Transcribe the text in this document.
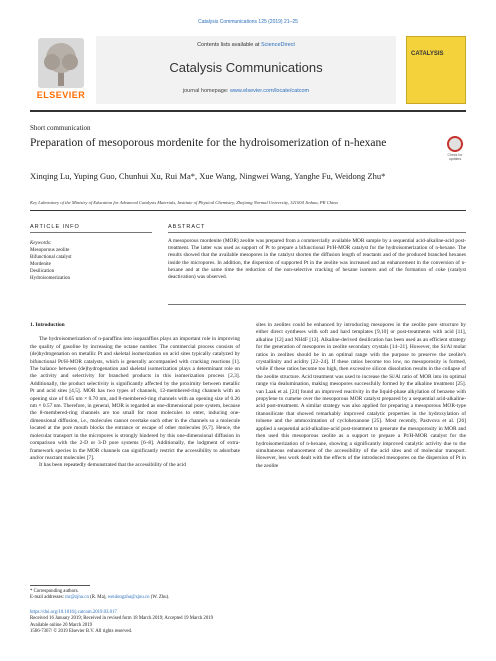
Catalysis Communications 125 (2019) 21–25
ELSEVIER
Contents lists available at ScienceDirect
Catalysis Communications
journal homepage: www.elsevier.com/locate/catcom
CATALYSIS
Short communication
Preparation of mesoporous mordenite for the hydroisomerization of n-hexane
Check for updates
Xinqing Lu, Yuping Guo, Chunhui Xu, Rui Ma*, Xue Wang, Ningwei Wang, Yanghe Fu, Weidong Zhu*
Key Laboratory of the Ministry of Education for Advanced Catalysis Materials, Institute of Physical Chemistry, Zhejiang Normal University, 321004 Jinhua, PR China
ARTICLE INFO
Keywords:
Mesoporous zeolite
Bifunctional catalyst
Mordenite
Desilication
Hydroisomerization
ABSTRACT
A mesoporous mordenite (MOR) zeolite was prepared from a commercially available MOR sample by a sequential acid-alkaline-acid post-treatment. The latter was used as support of Pt to prepare a bifunctional Pt/H-MOR catalyst for the hydroisomerization of n-hexane. The results showed that the available mesopores in the catalyst shorten the diffusion length of reactants and of the produced branched hexanes inside the micropores. In addition, the dispersion of supported Pt in the zeolite was increased and an enhancement in the conversion of n-hexane and at the same time the reduction of the non-selective cracking of hexane isomers and of the formation of coke (catalyst deactivation) was observed.
1. Introduction

The hydroisomerization of n-paraffins into isoparaffins plays an important role in improving the quality of gasoline by increasing the octane number. The commercial process consists of (de)hydrogenation on metallic Pt and skeletal isomerization on acid sites typically catalyzed by bifunctional Pt/H-MOR catalysts, which is generally accompanied with cracking reactions [1]. The balance between (de)hydrogenation and skeletal isomerization plays a determinant role on the activity and selectivity for branched products in this isomerization process [2,3]. Additionally, the product selectivity is significantly affected by the proximity between metallic Pt and acid sites [4,5]. MOR has two types of channels, 12-membered-ring channels with an opening size of 0.65 nm × 0.70 nm, and 8-membered-ring channels with an opening size of 0.26 nm × 0.57 nm. Therefore, in general, MOR is regarded as one-dimensional pore system, because the 8-membered-ring channels are too small for most molecules to enter, inducing one-dimensional diffusion, i.e., molecules cannot overtake each other in the channels so a molecule located at the pore mouth blocks the entrance or escape of other molecules [6,7]. Hence, the molecular transport in the micropores is strongly hindered by this one-dimensional diffusion in comparison with the 2-D or 3-D pore systems [6–8]. Additionally, the lodgment of extra-framework species in the MOR channels can significantly restrict the accessibility to adsorbate and/or reactant molecules [7].

It has been repeatedly demonstrated that the accessibility of the acid

sites in zeolites could be enhanced by introducing mesopores in the zeolite pore structure by either direct syntheses with soft and hard templates [9,10] or post-treatments with acid [11], alkaline [12] and NH4F [13]. Alkaline-derived desilication has been used as an efficient strategy for the generation of mesopores in zeolite secondary crystals [14–21]. However, the Si/Al molar ratios in zeolites should be in an optimal range with the purpose to preserve the zeolite's crystallinity and acidity [22–24]. If these ratios become too low, no mesoporosity is formed, while if these ratios become too high, then excessive silicon dissolution results in the collapse of the zeolite structure. Acid treatment was used to increase the Si/Al ratio of MOR into its optimal range via dealumination, making mesopores successfully formed by the alkaline treatment [25]. van Laak et al. [24] found an improved reactivity in the liquid-phase alkylation of benzene with propylene to cumene over the mesoporous MOR catalyst prepared by a sequential acid-alkaline-acid post-treatment. A similar strategy was also applied for preparing a mesoporous MOR-type titanosilicate that showed remarkably improved catalytic properties in the hydroxylation of toluene and the ammoximation of cyclohexanone [25]. Most recently, Pastvova et al. [26] applied a sequential acid-alkaline-acid post-treatment to generate the mesoporosity in MOR and then used this mesoporous zeolite as a support to prepare a Pt/H-MOR catalyst for the hydroisomerization of n-hexane, showing a significantly improved catalytic activity due to the simultaneous enhancement of the accessibility of the acid sites and of molecular transport. However, less work dealt with the effects of the introduced mesopores on the dispersion of Pt in the zeolite

* Corresponding authors.
E-mail addresses: mr@zjnu.cn (R. Ma), weidongzhu@zjnu.cn (W. Zhu).
https://doi.org/10.1016/j.catcom.2019.03.017
Received 16 January 2019; Received in revised form 18 March 2019; Accepted 19 March 2019
Available online 20 March 2019
1566-7367/ © 2019 Elsevier B.V. All rights reserved.
